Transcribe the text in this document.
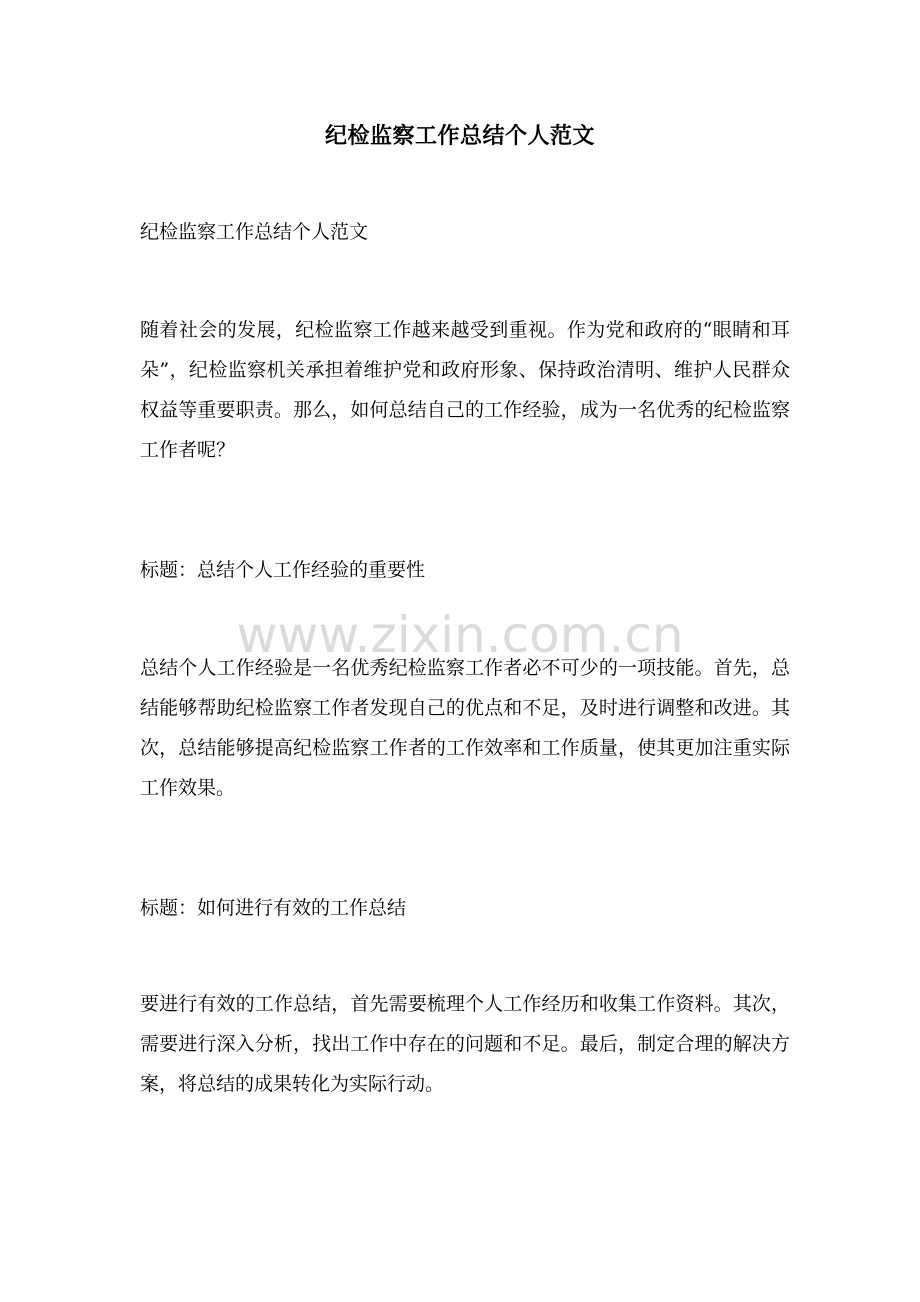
纪检监察工作总结个人范文

纪检监察工作总结个人范文

随着社会的发展，纪检监察工作越来越受到重视。作为党和政府的“眼睛和耳朵”，纪检监察机关承担着维护党和政府形象、保持政治清明、维护人民群众权益等重要职责。那么，如何总结自己的工作经验，成为一名优秀的纪检监察工作者呢？

标题：总结个人工作经验的重要性

总结个人工作经验是一名优秀纪检监察工作者必不可少的一项技能。首先，总结能够帮助纪检监察工作者发现自己的优点和不足，及时进行调整和改进。其次，总结能够提高纪检监察工作者的工作效率和工作质量，使其更加注重实际工作效果。

标题：如何进行有效的工作总结

要进行有效的工作总结，首先需要梳理个人工作经历和收集工作资料。其次，需要进行深入分析，找出工作中存在的问题和不足。最后，制定合理的解决方案，将总结的成果转化为实际行动。

www.zixin.com.cn
